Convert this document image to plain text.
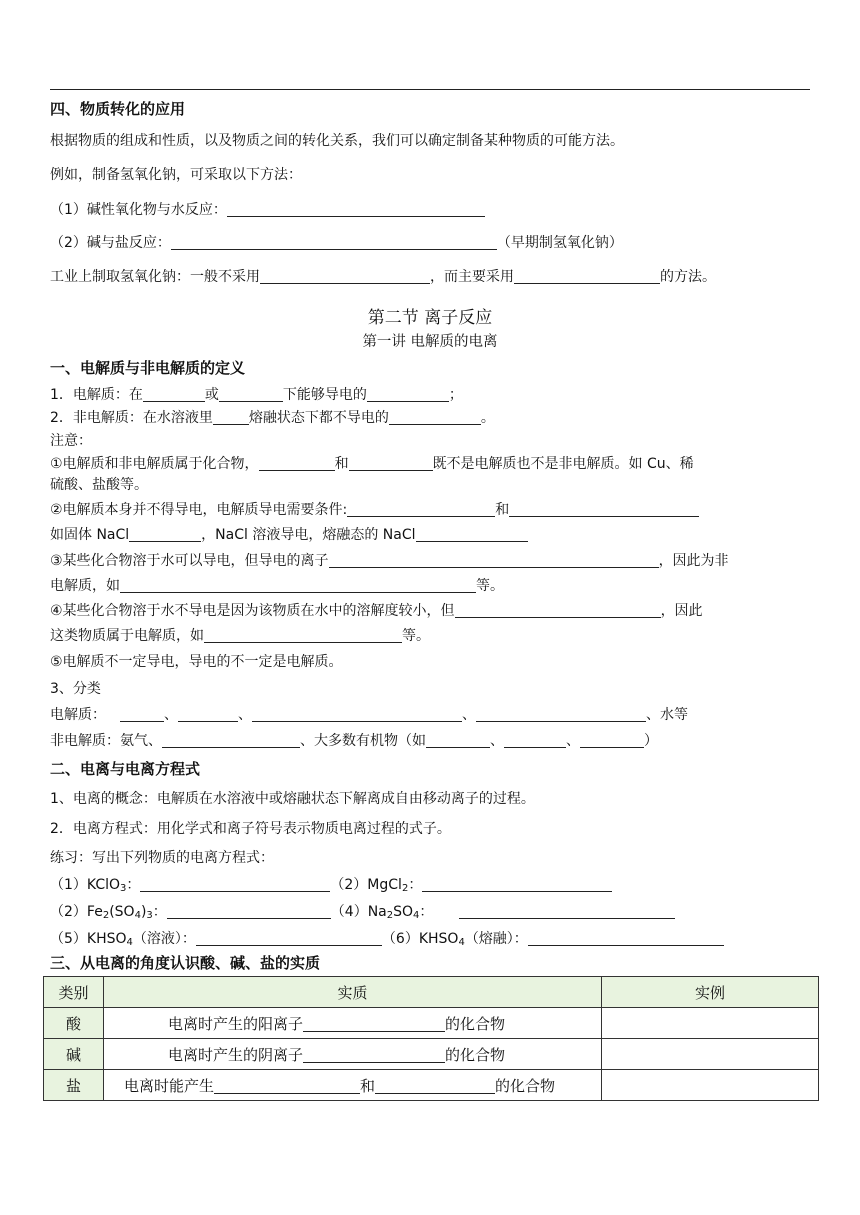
四、物质转化的应用
根据物质的组成和性质，以及物质之间的转化关系，我们可以确定制备某种物质的可能方法。
例如，制备氢氧化钠，可采取以下方法：
（1）碱性氧化物与水反应：
（2）碱与盐反应：	（早期制氢氧化钠）
工业上制取氢氧化钠：一般不采用	，而主要采用	的方法。
第二节 离子反应
第一讲 电解质的电离
一、电解质与非电解质的定义
1．电解质：在	或	下能够导电的	；
2．非电解质：在水溶液里	熔融状态下都不导电的	。
注意：
①电解质和非电解质属于化合物，	和	既不是电解质也不是非电解质。如 Cu、稀
硫酸、盐酸等。
②电解质本身并不得导电，电解质导电需要条件:	和
如固体 NaCl	，NaCl 溶液导电，熔融态的 NaCl
③某些化合物溶于水可以导电，但导电的离子	，因此为非
电解质，如	等。
④某些化合物溶于水不导电是因为该物质在水中的溶解度较小，但	，因此
这类物质属于电解质，如	等。
⑤电解质不一定导电，导电的不一定是电解质。
3、分类
电解质：	、	、	、	、水等
非电解质：氨气、	、大多数有机物（如	、	、	）
二、电离与电离方程式
1、电离的概念：电解质在水溶液中或熔融状态下解离成自由移动离子的过程。
2．电离方程式：用化学式和离子符号表示物质电离过程的式子。
练习：写出下列物质的电离方程式：
（1）KClO$_3$：	（2）MgCl$_2$：
$(2)Fe_2(SO_4)_3$：	$(4)Na_2SO_4$：
$(5)KHSO_4$（溶液）：	$(6)KHSO_4$（熔融）：
三、从电离的角度认识酸、碱、盐的实质
类别	实质	实例
酸	电离时产生的阳离子 的化合物	
碱	电离时产生的阴离子 的化合物	
盐	电离时能产生 和 的化合物	
